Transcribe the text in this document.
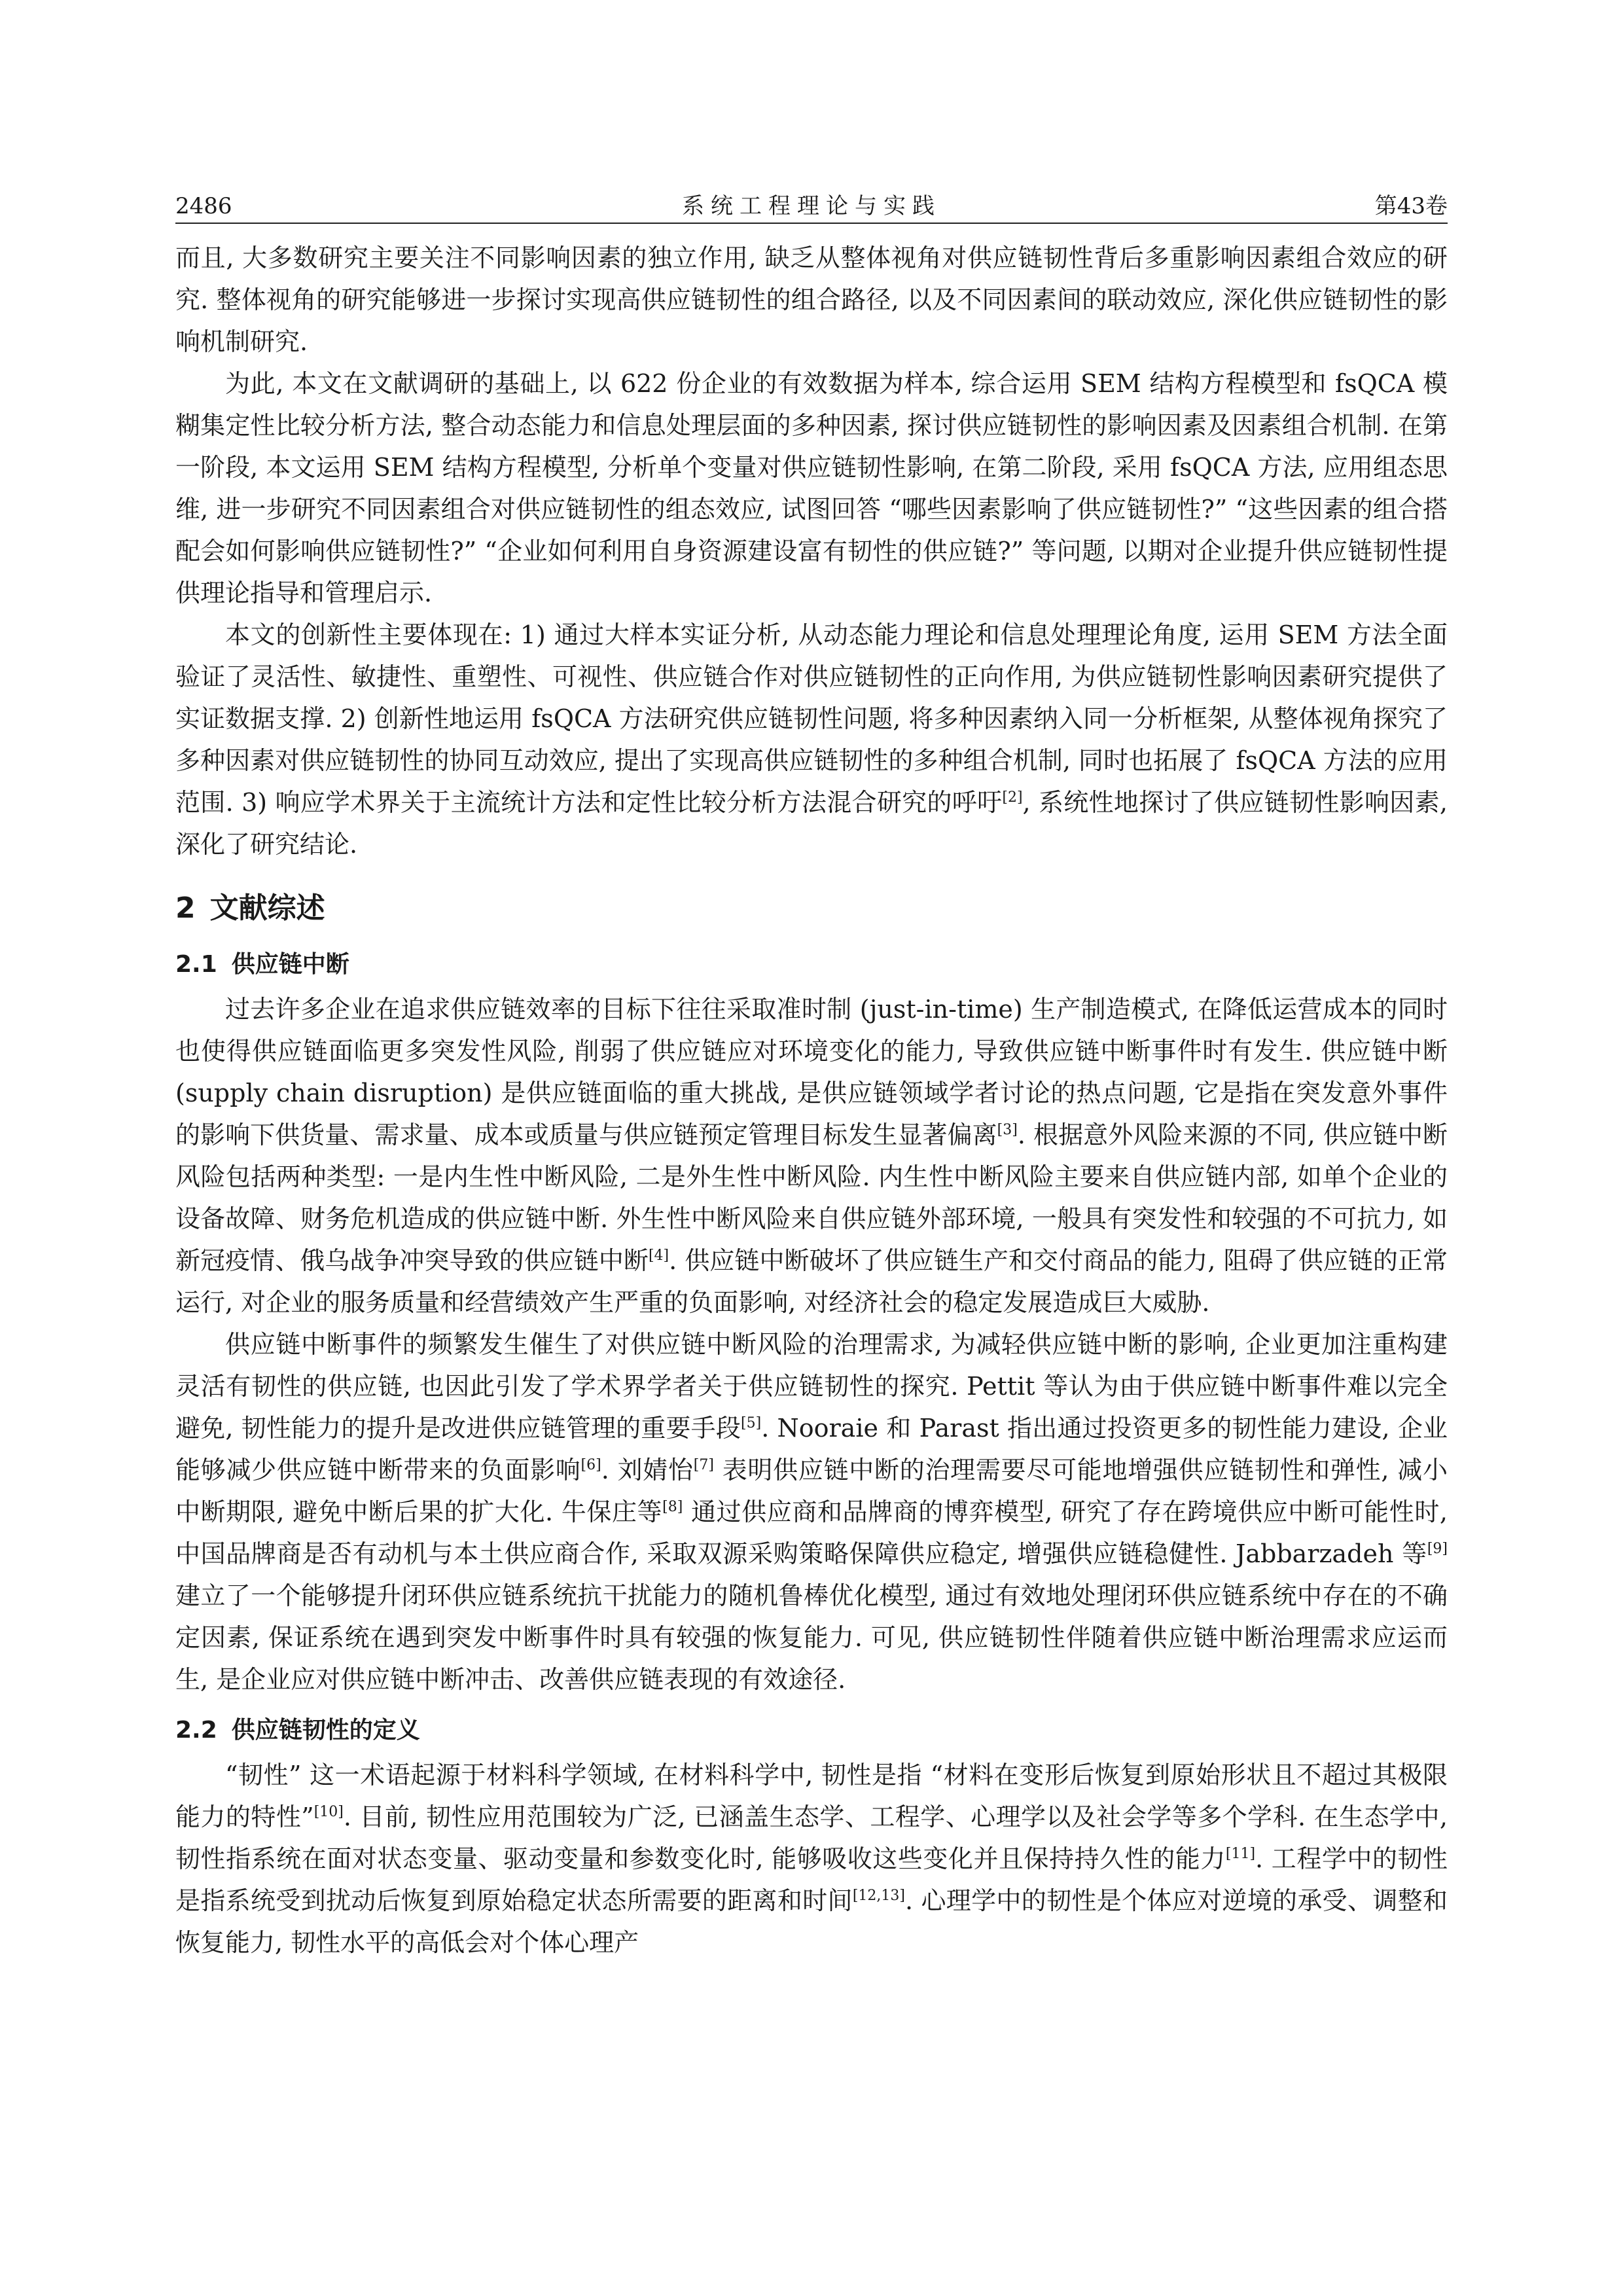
2486	系统工程理论与实践	第43卷

而且, 大多数研究主要关注不同影响因素的独立作用, 缺乏从整体视角对供应链韧性背后多重影响因素组合效应的研究. 整体视角的研究能够进一步探讨实现高供应链韧性的组合路径, 以及不同因素间的联动效应, 深化供应链韧性的影响机制研究.

为此, 本文在文献调研的基础上, 以 622 份企业的有效数据为样本, 综合运用 SEM 结构方程模型和 fsQCA 模糊集定性比较分析方法, 整合动态能力和信息处理层面的多种因素, 探讨供应链韧性的影响因素及因素组合机制. 在第一阶段, 本文运用 SEM 结构方程模型, 分析单个变量对供应链韧性影响, 在第二阶段, 采用 fsQCA 方法, 应用组态思维, 进一步研究不同因素组合对供应链韧性的组态效应, 试图回答 “哪些因素影响了供应链韧性?” “这些因素的组合搭配会如何影响供应链韧性?” “企业如何利用自身资源建设富有韧性的供应链?” 等问题, 以期对企业提升供应链韧性提供理论指导和管理启示.

本文的创新性主要体现在: 1) 通过大样本实证分析, 从动态能力理论和信息处理理论角度, 运用 SEM 方法全面验证了灵活性、敏捷性、重塑性、可视性、供应链合作对供应链韧性的正向作用, 为供应链韧性影响因素研究提供了实证数据支撑. 2) 创新性地运用 fsQCA 方法研究供应链韧性问题, 将多种因素纳入同一分析框架, 从整体视角探究了多种因素对供应链韧性的协同互动效应, 提出了实现高供应链韧性的多种组合机制, 同时也拓展了 fsQCA 方法的应用范围. 3) 响应学术界关于主流统计方法和定性比较分析方法混合研究的呼吁[2], 系统性地探讨了供应链韧性影响因素, 深化了研究结论.

2 文献综述
2.1 供应链中断

过去许多企业在追求供应链效率的目标下往往采取准时制 (just-in-time) 生产制造模式, 在降低运营成本的同时也使得供应链面临更多突发性风险, 削弱了供应链应对环境变化的能力, 导致供应链中断事件时有发生. 供应链中断 (supply chain disruption) 是供应链面临的重大挑战, 是供应链领域学者讨论的热点问题, 它是指在突发意外事件的影响下供货量、需求量、成本或质量与供应链预定管理目标发生显著偏离[3]. 根据意外风险来源的不同, 供应链中断风险包括两种类型: 一是内生性中断风险, 二是外生性中断风险. 内生性中断风险主要来自供应链内部, 如单个企业的设备故障、财务危机造成的供应链中断. 外生性中断风险来自供应链外部环境, 一般具有突发性和较强的不可抗力, 如新冠疫情、俄乌战争冲突导致的供应链中断[4]. 供应链中断破坏了供应链生产和交付商品的能力, 阻碍了供应链的正常运行, 对企业的服务质量和经营绩效产生严重的负面影响, 对经济社会的稳定发展造成巨大威胁.

供应链中断事件的频繁发生催生了对供应链中断风险的治理需求, 为减轻供应链中断的影响, 企业更加注重构建灵活有韧性的供应链, 也因此引发了学术界学者关于供应链韧性的探究. Pettit 等认为由于供应链中断事件难以完全避免, 韧性能力的提升是改进供应链管理的重要手段[5]. Nooraie 和 Parast 指出通过投资更多的韧性能力建设, 企业能够减少供应链中断带来的负面影响[6]. 刘婧怡[7] 表明供应链中断的治理需要尽可能地增强供应链韧性和弹性, 减小中断期限, 避免中断后果的扩大化. 牛保庄等[8] 通过供应商和品牌商的博弈模型, 研究了存在跨境供应中断可能性时, 中国品牌商是否有动机与本土供应商合作, 采取双源采购策略保障供应稳定, 增强供应链稳健性. Jabbarzadeh 等[9] 建立了一个能够提升闭环供应链系统抗干扰能力的随机鲁棒优化模型, 通过有效地处理闭环供应链系统中存在的不确定因素, 保证系统在遇到突发中断事件时具有较强的恢复能力. 可见, 供应链韧性伴随着供应链中断治理需求应运而生, 是企业应对供应链中断冲击、改善供应链表现的有效途径.

2.2 供应链韧性的定义

“韧性” 这一术语起源于材料科学领域, 在材料科学中, 韧性是指 “材料在变形后恢复到原始形状且不超过其极限能力的特性”[10]. 目前, 韧性应用范围较为广泛, 已涵盖生态学、工程学、心理学以及社会学等多个学科. 在生态学中, 韧性指系统在面对状态变量、驱动变量和参数变化时, 能够吸收这些变化并且保持持久性的能力[11]. 工程学中的韧性是指系统受到扰动后恢复到原始稳定状态所需要的距离和时间[12,13]. 心理学中的韧性是个体应对逆境的承受、调整和恢复能力, 韧性水平的高低会对个体心理产
